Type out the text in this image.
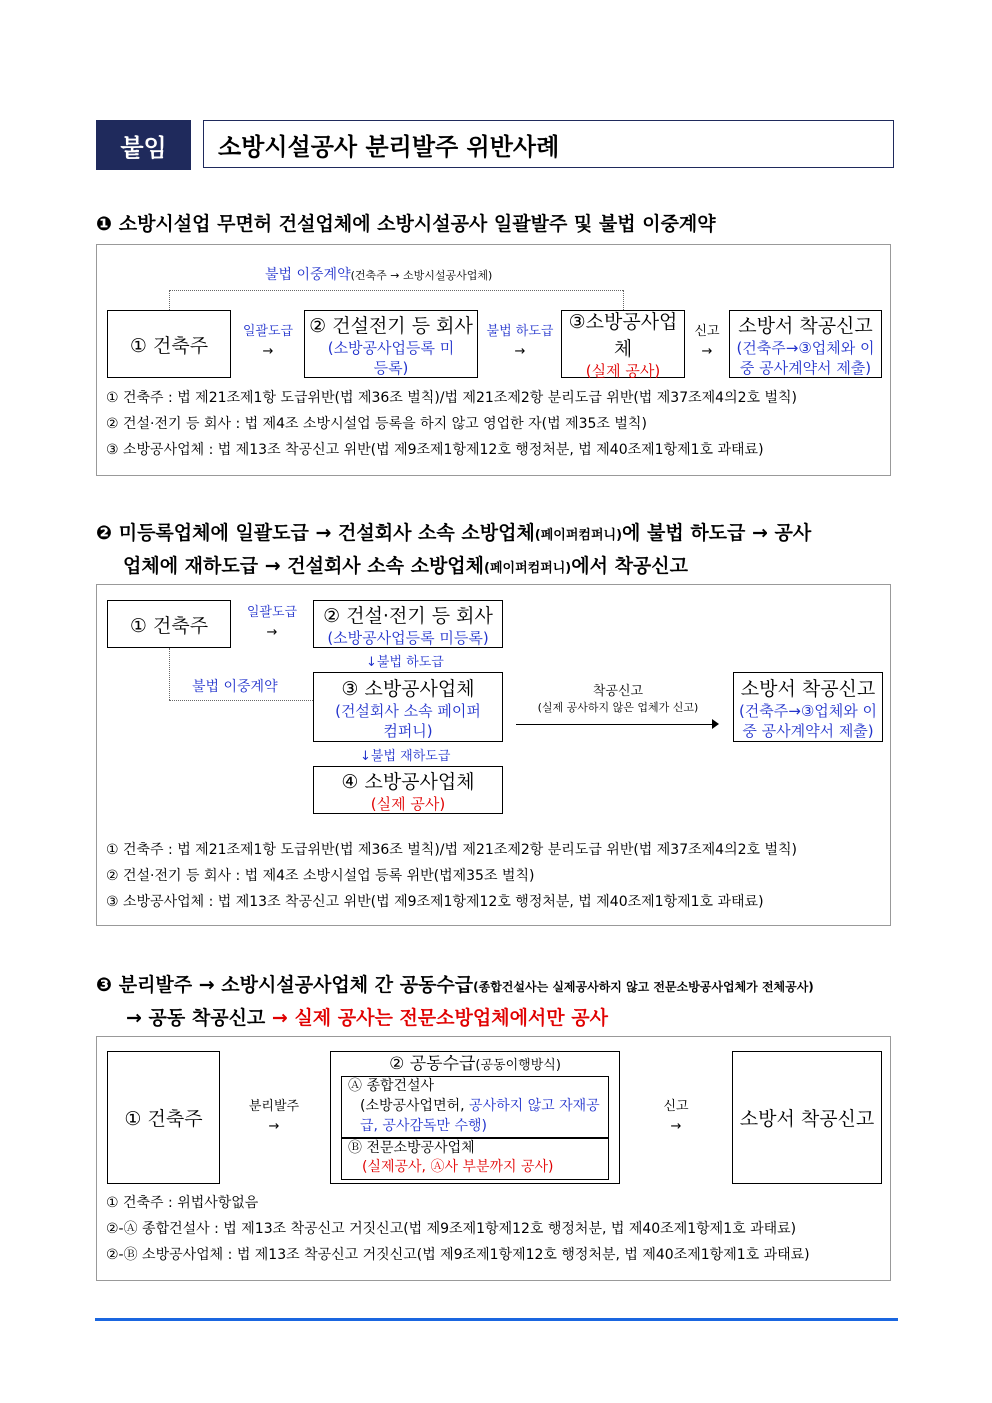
붙임	소방시설공사 분리발주 위반사례
❶ 소방시설업 무면허 건설업체에 소방시설공사 일괄발주 및 불법 이중계약
불법 이중계약(건축주 → 소방시설공사업체)
① 건축주
일괄도급
→
② 건설전기 등 회사
(소방공사업등록 미등록)
불법 하도급
→
③소방공사업체
(실제 공사)
신고
→
소방서 착공신고
(건축주→③업체와 이중 공사계약서 제출)
① 건축주 : 법 제21조제1항 도급위반(법 제36조 벌칙)/법 제21조제2항 분리도급 위반(법 제37조제4의2호 벌칙)
② 건설·전기 등 회사 : 법 제4조 소방시설업 등록을 하지 않고 영업한 자(법 제35조 벌칙)
③ 소방공사업체 : 법 제13조 착공신고 위반(법 제9조제1항제12호 행정처분, 법 제40조제1항제1호 과태료)
❷ 미등록업체에 일괄도급 → 건설회사 소속 소방업체(페이퍼컴퍼니)에 불법 하도급 → 공사
업체에 재하도급 → 건설회사 소속 소방업체(페이퍼컴퍼니)에서 착공신고
① 건축주
일괄도급
→
② 건설·전기 등 회사
(소방공사업등록 미등록)
↓불법 하도급
불법 이중계약	③ 소방공사업체
(건설회사 소속 페이퍼 컴퍼니)
착공신고
(실제 공사하지 않은 업체가 신고)
소방서 착공신고
(건축주→③업체와 이중 공사계약서 제출)
↓불법 재하도급
④ 소방공사업체
(실제 공사)
① 건축주 : 법 제21조제1항 도급위반(법 제36조 벌칙)/법 제21조제2항 분리도급 위반(법 제37조제4의2호 벌칙)
② 건설·전기 등 회사 : 법 제4조 소방시설업 등록 위반(법제35조 벌칙)
③ 소방공사업체 : 법 제13조 착공신고 위반(법 제9조제1항제12호 행정처분, 법 제40조제1항제1호 과태료)
❸ 분리발주 → 소방시설공사업체 간 공동수급(종합건설사는 실제공사하지 않고 전문소방공사업체가 전체공사)
→ 공동 착공신고 → 실제 공사는 전문소방업체에서만 공사
① 건축주
분리발주
→
② 공동수급(공동이행방식)
Ⓐ 종합건설사
(소방공사업면허, 공사하지 않고 자재공급, 공사감독만 수행)
Ⓑ 전문소방공사업체
(실제공사, Ⓐ사 부분까지 공사)
신고
→	소방서 착공신고
① 건축주 : 위법사항없음
②-Ⓐ 종합건설사 : 법 제13조 착공신고 거짓신고(법 제9조제1항제12호 행정처분, 법 제40조제1항제1호 과태료)
②-Ⓑ 소방공사업체 : 법 제13조 착공신고 거짓신고(법 제9조제1항제12호 행정처분, 법 제40조제1항제1호 과태료)
